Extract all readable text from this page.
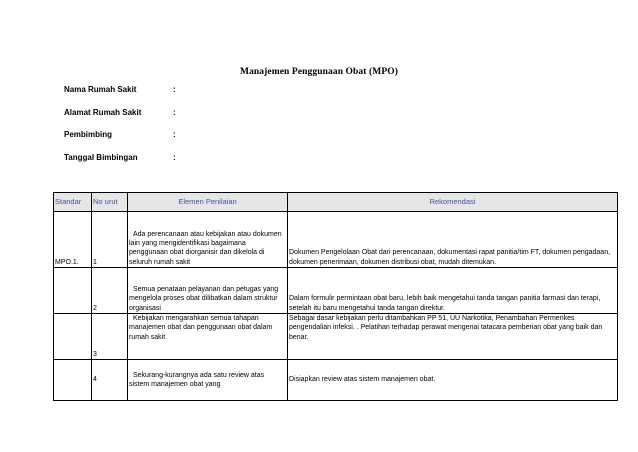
Manajemen Penggunaan Obat (MPO)
Nama Rumah Sakit	:
Alamat Rumah Sakit	:
Pembimbing	:
Tanggal Bimbingan	:
Standar	No urut	Elemen Penilaian	Rekomendasi
MPO.1.	1	Ada perencanaan atau kebijakan atau dokumen lain yang mengidentifikasi bagaimana penggunaan obat diorganisir dan dikelola di seluruh rumah sakit	Dokumen Pengelolaan Obat dari perencanaan, dokumentasi rapat panitia/tim FT, dokumen pengadaan, dokumen penerimaan, dokumen distribusi obat, mudah ditemukan.
	2	Semua penataan pelayanan dan petugas yang mengelola proses obat dilibatkan dalam struktur organisasi	Dalam formulir permintaan obat baru, lebih baik mengetahui tanda tangan panitia farmasi dan terapi, setelah itu baru mengetahui tanda tangan direktur.
	3	Kebijakan mengarahkan semua tahapan manajemen obat dan penggunaan obat dalam rumah sakit	Sebagai dasar kebijakan perlu ditambahkan PP 51, UU Narkotika, Penambahan Permenkes pengendalian infeksi. . Pelatihan terhadap perawat mengenai tatacara pemberian obat yang baik dan benar.
	4	Sekurang-kurangnya ada satu review atas sistem manajemen obat yang	Disiapkan review atas sistem manajemen obat.
